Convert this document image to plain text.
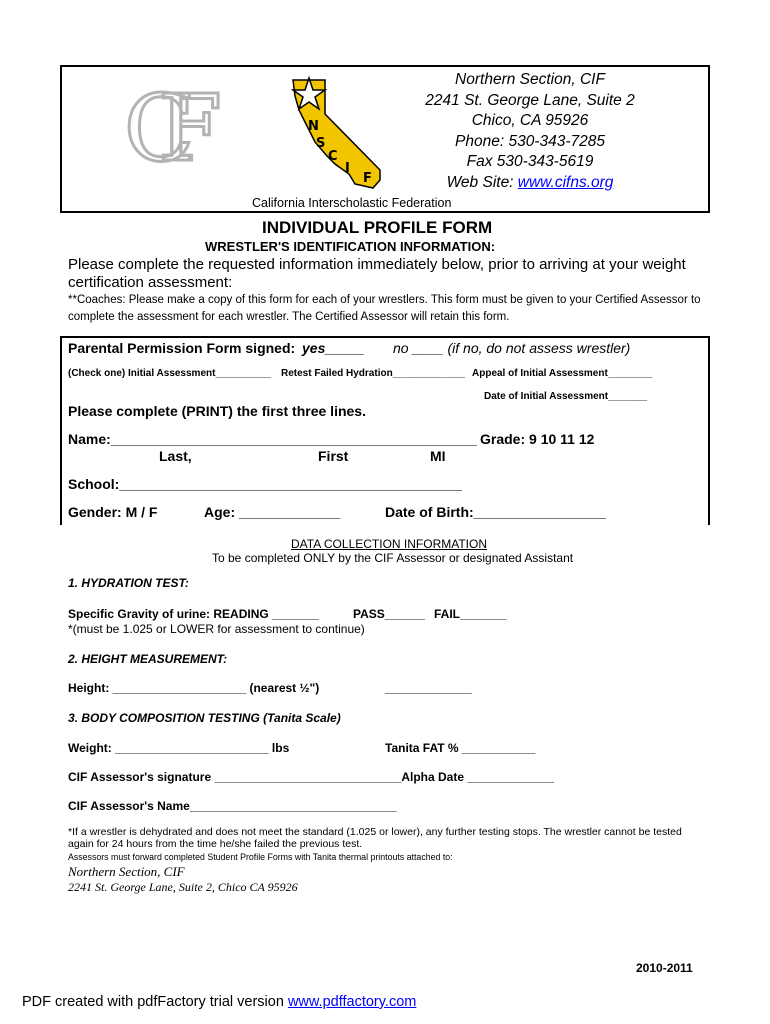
CIF	N
S
C
I
F
Northern Section, CIF
2241 St. George Lane, Suite 2
Chico, CA 95926
Phone: 530-343-7285
Fax 530-343-5619
Web Site: www.cifns.org
California Interscholastic Federation
INDIVIDUAL PROFILE FORM
WRESTLER'S IDENTIFICATION INFORMATION:
Please complete the requested information immediately below, prior to arriving at your weight certification assessment:
**Coaches: Please make a copy of this form for each of your wrestlers. This form must be given to your Certified Assessor to complete the assessment for each wrestler. The Certified Assessor will retain this form.
Parental Permission Form signed: yes_____ no ____ (if no, do not assess wrestler)
(Check one) Initial Assessment__________ Retest Failed Hydration_____________ Appeal of Initial Assessment________
Date of Initial Assessment_______
Please complete (PRINT) the first three lines.
Name:_______________________________________________ Grade: 9 10 11 12
Last,	First	MI
School:____________________________________________
Gender: M / F	Age: _____________	Date of Birth:_________________
DATA COLLECTION INFORMATION
To be completed ONLY by the CIF Assessor or designated Assistant
1. HYDRATION TEST:
Specific Gravity of urine: READING _______	PASS______ FAIL_______
*(must be 1.025 or LOWER for assessment to continue)
2. HEIGHT MEASUREMENT:
Height: ____________________ (nearest ½")	_____________
3. BODY COMPOSITION TESTING (Tanita Scale)
Weight: _______________________ lbs	Tanita FAT % ___________
CIF Assessor's signature ____________________________Alpha Date _____________
CIF Assessor's Name_______________________________
*If a wrestler is dehydrated and does not meet the standard (1.025 or lower), any further testing stops. The wrestler cannot be tested again for 24 hours from the time he/she failed the previous test.
Assessors must forward completed Student Profile Forms with Tanita thermal printouts attached to:
Northern Section, CIF
2241 St. George Lane, Suite 2, Chico CA 95926
2010-2011
PDF created with pdfFactory trial version www.pdffactory.com
